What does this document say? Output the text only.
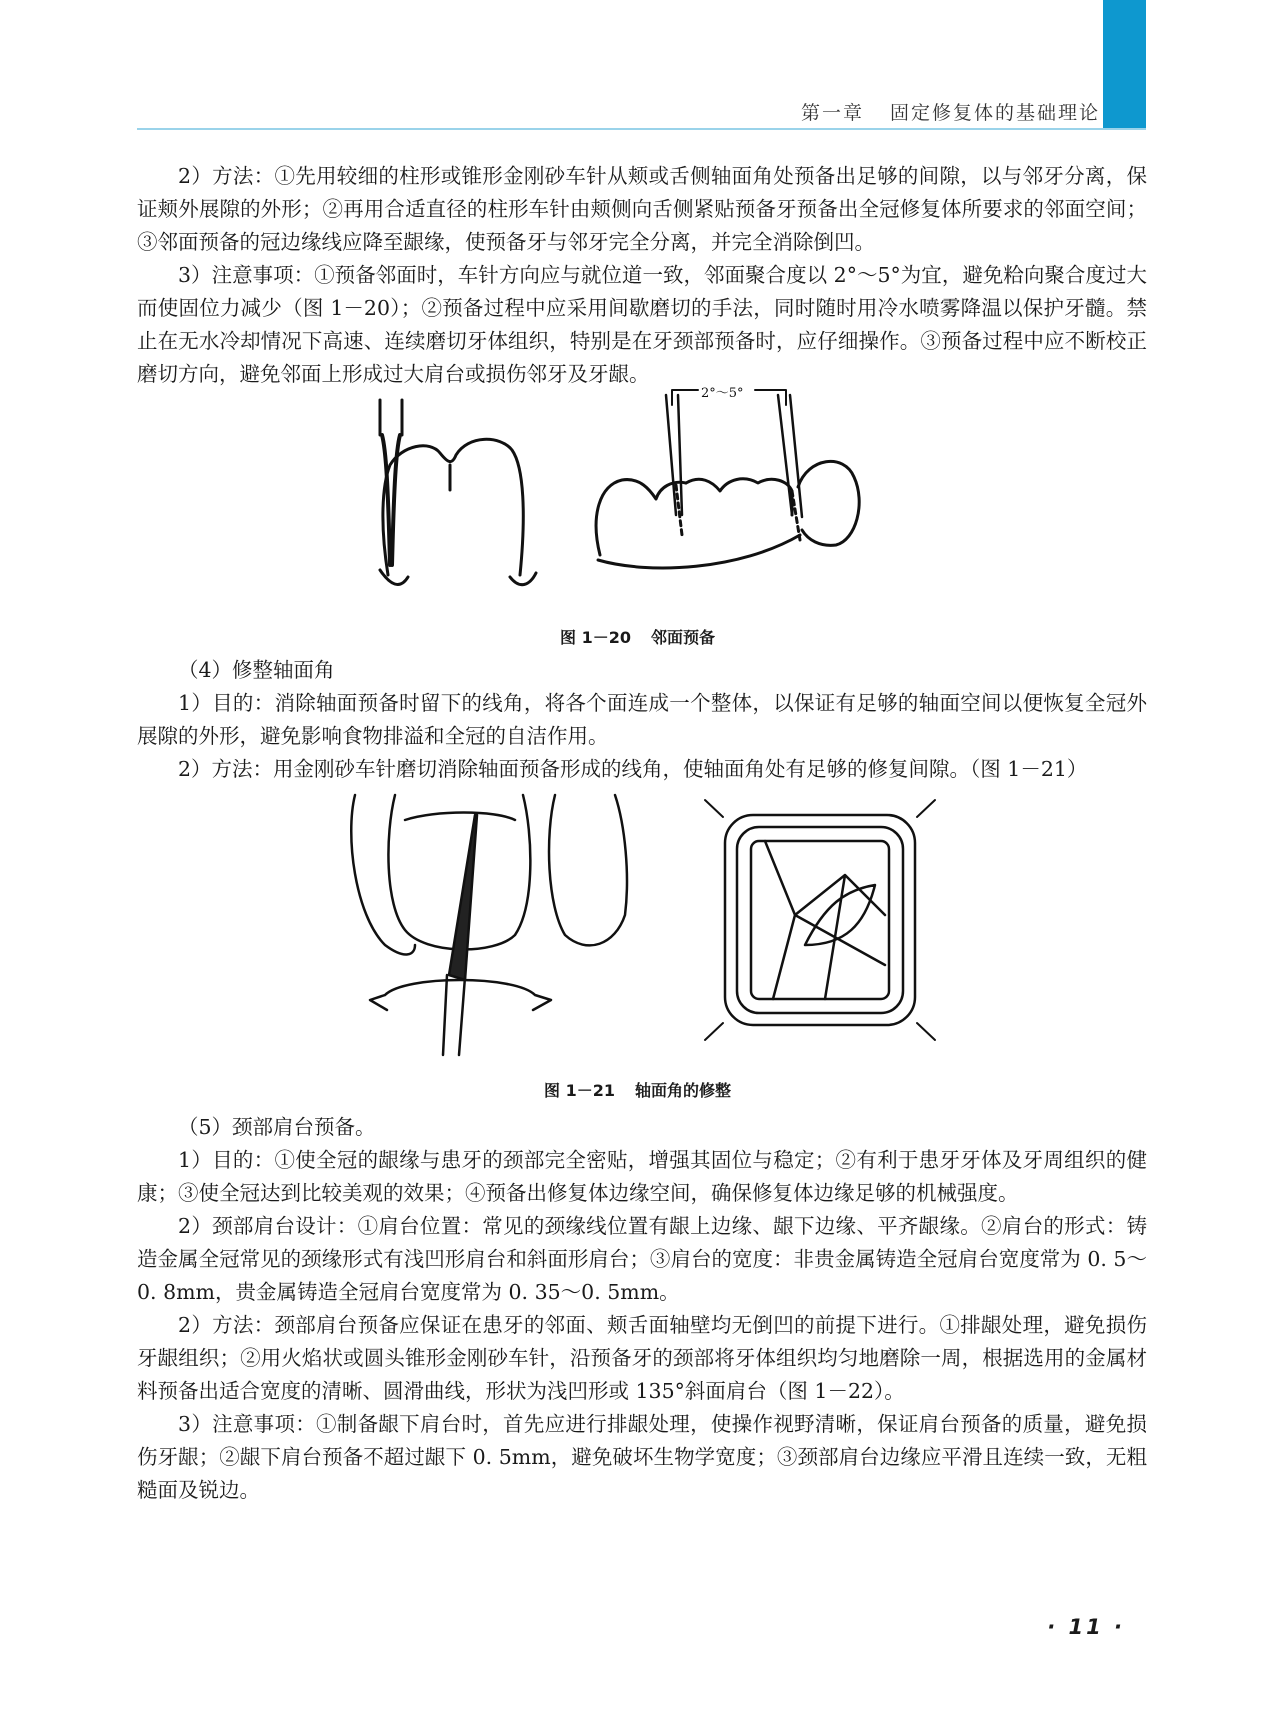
第一章 固定修复体的基础理论

2）方法：①先用较细的柱形或锥形金刚砂车针从颊或舌侧轴面角处预备出足够的间隙，以与邻牙分离，保证颊外展隙的外形；②再用合适直径的柱形车针由颊侧向舌侧紧贴预备牙预备出全冠修复体所要求的邻面空间；③邻面预备的冠边缘线应降至龈缘，使预备牙与邻牙完全分离，并完全消除倒凹。

3）注意事项：①预备邻面时，车针方向应与就位道一致，邻面聚合度以 2°～5°为宜，避免粭向聚合度过大而使固位力减少（图 1－20）；②预备过程中应采用间歇磨切的手法，同时随时用冷水喷雾降温以保护牙髓。禁止在无水冷却情况下高速、连续磨切牙体组织，特别是在牙颈部预备时，应仔细操作。③预备过程中应不断校正磨切方向，避免邻面上形成过大肩台或损伤邻牙及牙龈。

2°～5°
图 1－20 邻面预备

（4）修整轴面角

1）目的：消除轴面预备时留下的线角，将各个面连成一个整体，以保证有足够的轴面空间以便恢复全冠外展隙的外形，避免影响食物排溢和全冠的自洁作用。

2）方法：用金刚砂车针磨切消除轴面预备形成的线角，使轴面角处有足够的修复间隙。（图 1－21）

图 1－21 轴面角的修整

（5）颈部肩台预备。

1）目的：①使全冠的龈缘与患牙的颈部完全密贴，增强其固位与稳定；②有利于患牙牙体及牙周组织的健康；③使全冠达到比较美观的效果；④预备出修复体边缘空间，确保修复体边缘足够的机械强度。

2）颈部肩台设计：①肩台位置：常见的颈缘线位置有龈上边缘、龈下边缘、平齐龈缘。②肩台的形式：铸造金属全冠常见的颈缘形式有浅凹形肩台和斜面形肩台；③肩台的宽度：非贵金属铸造全冠肩台宽度常为 0. 5～0. 8mm，贵金属铸造全冠肩台宽度常为 0. 35～0. 5mm。

2）方法：颈部肩台预备应保证在患牙的邻面、颊舌面轴壁均无倒凹的前提下进行。①排龈处理，避免损伤牙龈组织；②用火焰状或圆头锥形金刚砂车针，沿预备牙的颈部将牙体组织均匀地磨除一周，根据选用的金属材料预备出适合宽度的清晰、圆滑曲线，形状为浅凹形或 135°斜面肩台（图 1－22）。

3）注意事项：①制备龈下肩台时，首先应进行排龈处理，使操作视野清晰，保证肩台预备的质量，避免损伤牙龈；②龈下肩台预备不超过龈下 0. 5mm，避免破坏生物学宽度；③颈部肩台边缘应平滑且连续一致，无粗糙面及锐边。

· 11 ·
